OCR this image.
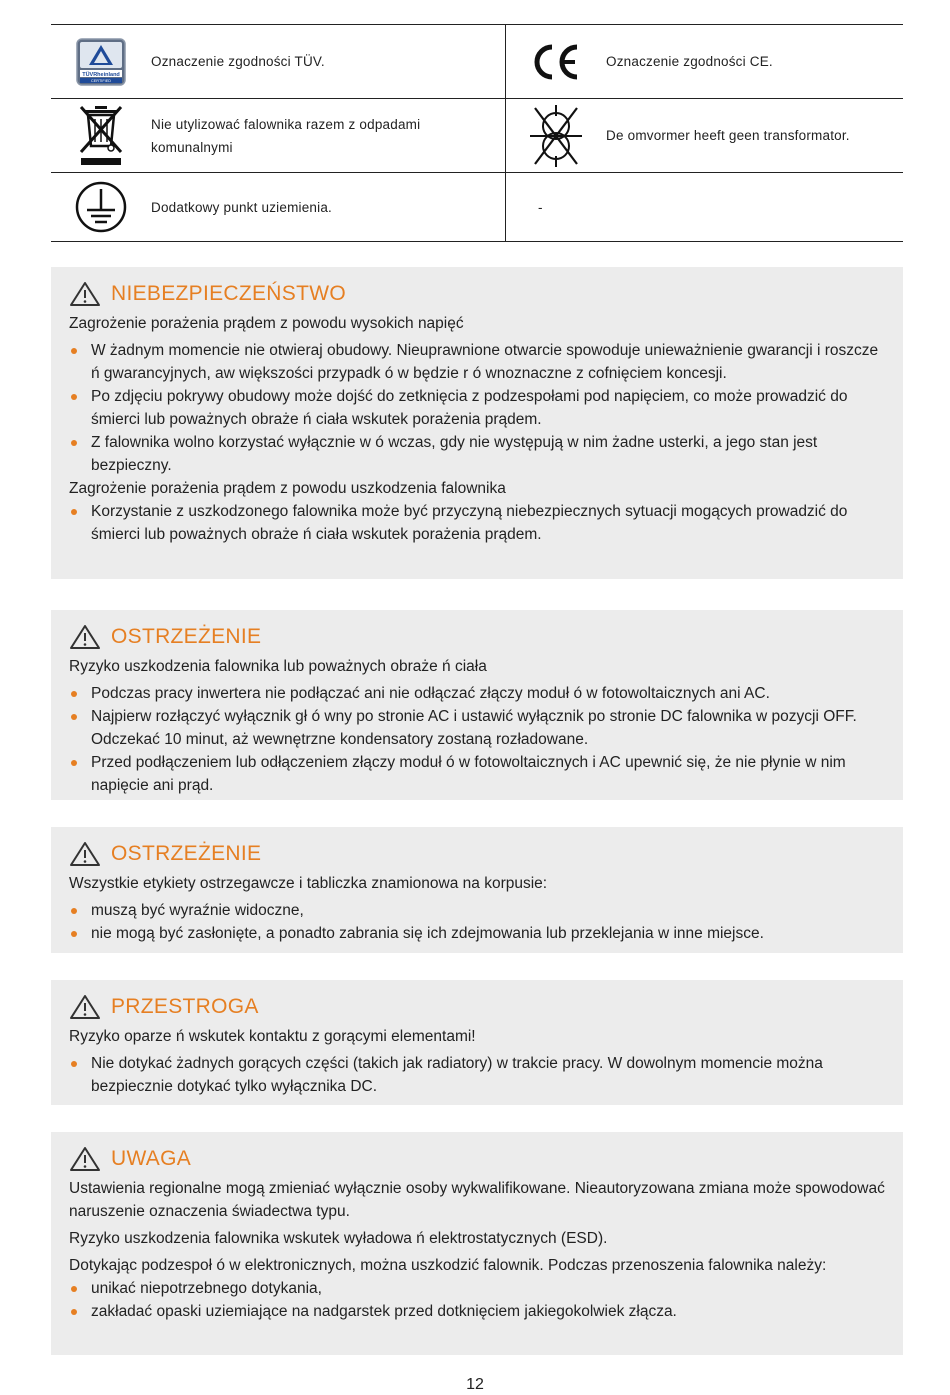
TÜVRheinland
CERTIFIED
Oznaczenie zgodności TÜV.	Oznaczenie zgodności CE.
Nie utylizować falownika razem z odpadami
komunalnymi
De omvormer heeft geen transformator.
Dodatkowy punkt uziemienia.	-
NIEBEZPIECZEŃSTWO

Zagrożenie porażenia prądem z powodu wysokich napięć

W żadnym momencie nie otwieraj obudowy. Nieuprawnione otwarcie spowoduje unieważnienie gwarancji i roszcze ń gwarancyjnych, aw większości przypadk ó w będzie r ó wnoznaczne z cofnięciem koncesji.
Po zdjęciu pokrywy obudowy może dojść do zetknięcia z podzespołami pod napięciem, co może prowadzić do śmierci lub poważnych obraże ń ciała wskutek porażenia prądem.
Z falownika wolno korzystać wyłącznie w ó wczas, gdy nie występują w nim żadne usterki, a jego stan jest bezpieczny.

Zagrożenie porażenia prądem z powodu uszkodzenia falownika

Korzystanie z uszkodzonego falownika może być przyczyną niebezpiecznych sytuacji mogących prowadzić do śmierci lub poważnych obraże ń ciała wskutek porażenia prądem.
OSTRZEŻENIE

Ryzyko uszkodzenia falownika lub poważnych obraże ń ciała

Podczas pracy inwertera nie podłączać ani nie odłączać złączy moduł ó w fotowoltaicznych ani AC.
Najpierw rozłączyć wyłącznik gł ó wny po stronie AC i ustawić wyłącznik po stronie DC falownika w pozycji OFF. Odczekać 10 minut, aż wewnętrzne kondensatory zostaną rozładowane.
Przed podłączeniem lub odłączeniem złączy moduł ó w fotowoltaicznych i AC upewnić się, że nie płynie w nim napięcie ani prąd.
OSTRZEŻENIE

Wszystkie etykiety ostrzegawcze i tabliczka znamionowa na korpusie:

muszą być wyraźnie widoczne,
nie mogą być zasłonięte, a ponadto zabrania się ich zdejmowania lub przeklejania w inne miejsce.
PRZESTROGA

Ryzyko oparze ń wskutek kontaktu z gorącymi elementami!

Nie dotykać żadnych gorących części (takich jak radiatory) w trakcie pracy. W dowolnym momencie można bezpiecznie dotykać tylko wyłącznika DC.
UWAGA

Ustawienia regionalne mogą zmieniać wyłącznie osoby wykwalifikowane. Nieautoryzowana zmiana może spowodować naruszenie oznaczenia świadectwa typu.

Ryzyko uszkodzenia falownika wskutek wyładowa ń elektrostatycznych (ESD).

Dotykając podzespoł ó w elektronicznych, można uszkodzić falownik. Podczas przenoszenia falownika należy:

unikać niepotrzebnego dotykania,
zakładać opaski uziemiające na nadgarstek przed dotknięciem jakiegokolwiek złącza.
12
